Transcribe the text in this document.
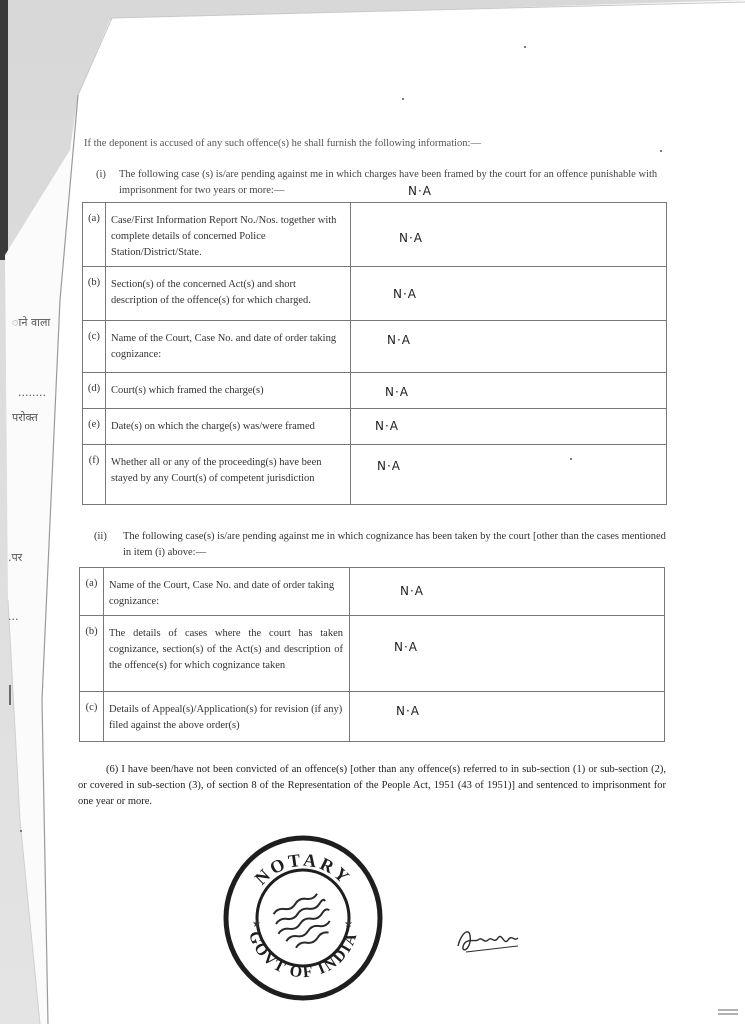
ाने वाला
........
परोक्त
.पर
...
If the deponent is accused of any such offence(s) he shall furnish the following information:—
(i) The following case (s) is/are pending against me in which charges have been framed by the court for an offence punishable with imprisonment for two years or more:—	N·A
(a)	Case/First Information Report No./Nos. together with complete details of concerned Police Station/District/State.	N·A

(b)	Section(s) of the concerned Act(s) and short description of the offence(s) for which charged.	N·A

(c)	Name of the Court, Case No. and date of order taking cognizance:	N·A

(d)	Court(s) which framed the charge(s)	N·A

(e)	Date(s) on which the charge(s) was/were framed	N·A

(f)	Whether all or any of the proceeding(s) have been stayed by any Court(s) of competent jurisdiction	N·A
(ii) The following case(s) is/are pending against me in which cognizance has been taken by the court [other than the cases mentioned in item (i) above:—
(a)	Name of the Court, Case No. and date of order taking cognizance:	N·A

(b)	The details of cases where the court has taken cognizance, section(s) of the Act(s) and description of the offence(s) for which cognizance taken	N·A

(c)	Details of Appeal(s)/Application(s) for revision (if any) filed against the above order(s)	N·A
(6) I have been/have not been convicted of an offence(s) [other than any offence(s) referred to in sub-section (1) or sub-section (2), or covered in sub-section (3), of section 8 of the Representation of the People Act, 1951 (43 of 1951)] and sentenced to imprisonment for one year or more.
NOTARY
GOVT OF INDIA
★	★
